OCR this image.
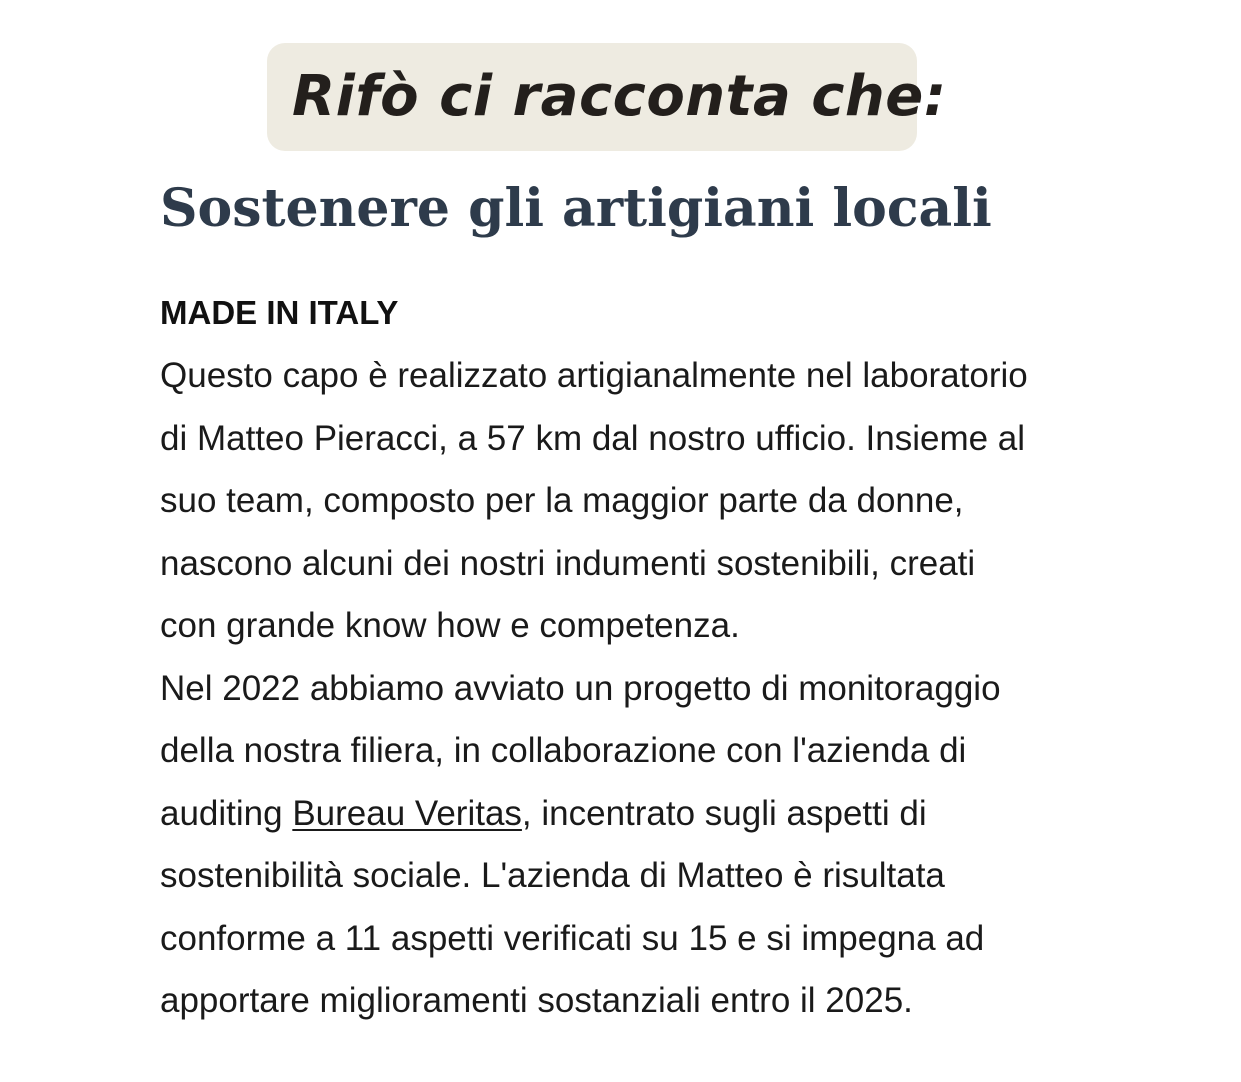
Rifò ci racconta che:
Sostenere gli artigiani locali
MADE IN ITALY
Questo capo è realizzato artigianalmente nel laboratorio
di Matteo Pieracci, a 57 km dal nostro ufficio. Insieme al
suo team, composto per la maggior parte da donne,
nascono alcuni dei nostri indumenti sostenibili, creati
con grande know how e competenza.
Nel 2022 abbiamo avviato un progetto di monitoraggio
della nostra filiera, in collaborazione con l'azienda di
auditing Bureau Veritas, incentrato sugli aspetti di
sostenibilità sociale. L'azienda di Matteo è risultata
conforme a 11 aspetti verificati su 15 e si impegna ad
apportare miglioramenti sostanziali entro il 2025.
